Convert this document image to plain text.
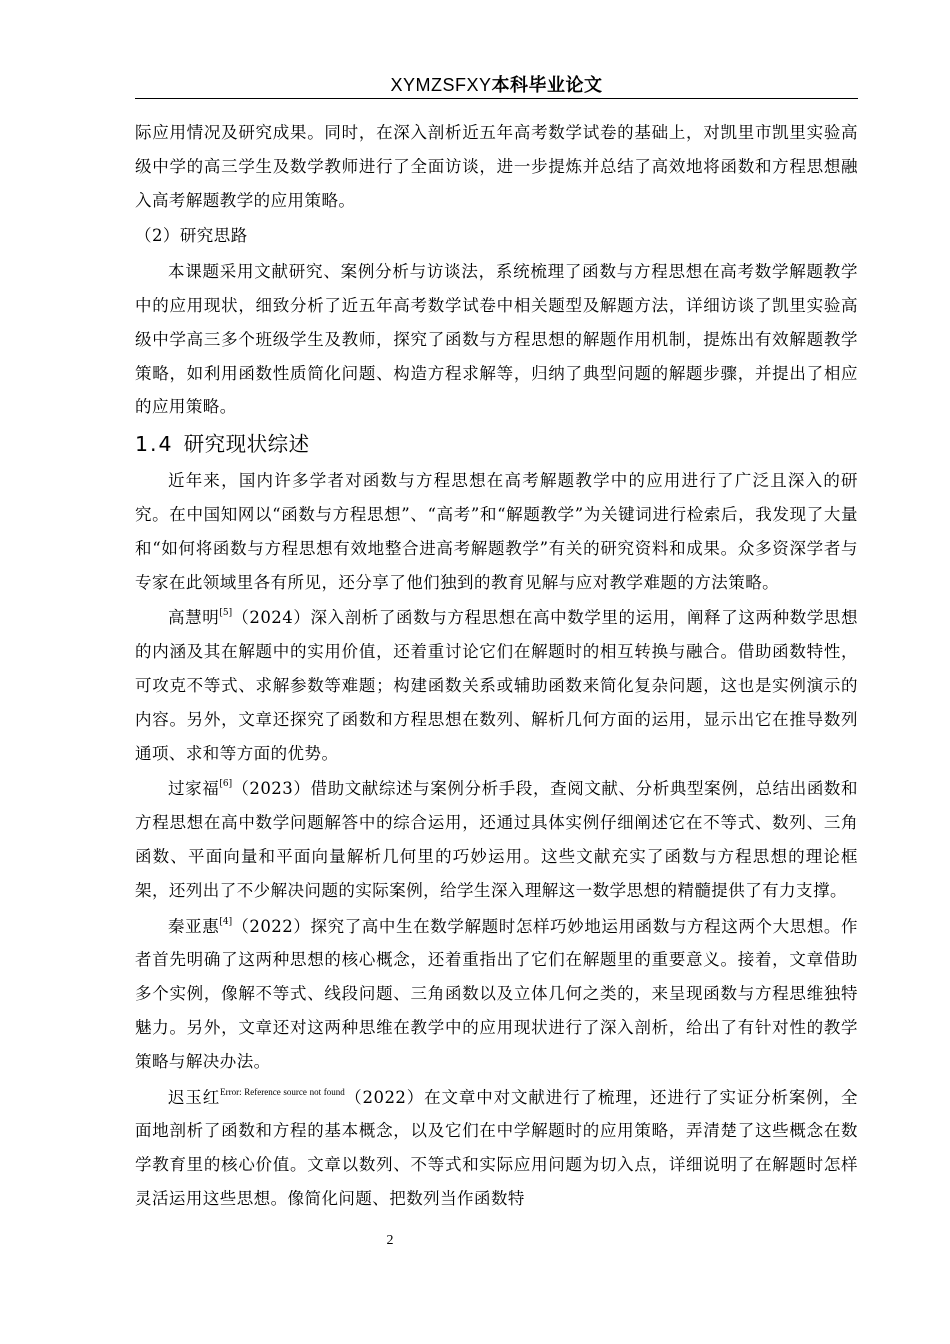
XYMZSFXY本科毕业论文

际应用情况及研究成果。同时，在深入剖析近五年高考数学试卷的基础上，对凯里市凯里实验高级中学的高三学生及数学教师进行了全面访谈，进一步提炼并总结了高效地将函数和方程思想融入高考解题教学的应用策略。

（2）研究思路

本课题采用文献研究、案例分析与访谈法，系统梳理了函数与方程思想在高考数学解题教学中的应用现状，细致分析了近五年高考数学试卷中相关题型及解题方法，详细访谈了凯里实验高级中学高三多个班级学生及教师，探究了函数与方程思想的解题作用机制，提炼出有效解题教学策略，如利用函数性质简化问题、构造方程求解等，归纳了典型问题的解题步骤，并提出了相应的应用策略。

1.4 研究现状综述

近年来，国内许多学者对函数与方程思想在高考解题教学中的应用进行了广泛且深入的研究。在中国知网以“函数与方程思想”、“高考”和“解题教学”为关键词进行检索后，我发现了大量和“如何将函数与方程思想有效地整合进高考解题教学”有关的研究资料和成果。众多资深学者与专家在此领域里各有所见，还分享了他们独到的教育见解与应对教学难题的方法策略。

高慧明[5]（2024）深入剖析了函数与方程思想在高中数学里的运用，阐释了这两种数学思想的内涵及其在解题中的实用价值，还着重讨论它们在解题时的相互转换与融合。借助函数特性，可攻克不等式、求解参数等难题；构建函数关系或辅助函数来简化复杂问题，这也是实例演示的内容。另外，文章还探究了函数和方程思想在数列、解析几何方面的运用，显示出它在推导数列通项、求和等方面的优势。

过家福[6]（2023）借助文献综述与案例分析手段，查阅文献、分析典型案例，总结出函数和方程思想在高中数学问题解答中的综合运用，还通过具体实例仔细阐述它在不等式、数列、三角函数、平面向量和平面向量解析几何里的巧妙运用。这些文献充实了函数与方程思想的理论框架，还列出了不少解决问题的实际案例，给学生深入理解这一数学思想的精髓提供了有力支撑。

秦亚惠[4]（2022）探究了高中生在数学解题时怎样巧妙地运用函数与方程这两个大思想。作者首先明确了这两种思想的核心概念，还着重指出了它们在解题里的重要意义。接着，文章借助多个实例，像解不等式、线段问题、三角函数以及立体几何之类的，来呈现函数与方程思维独特魅力。另外，文章还对这两种思维在教学中的应用现状进行了深入剖析，给出了有针对性的教学策略与解决办法。

迟玉红$^{Error: Reference source not found}$（2022）在文章中对文献进行了梳理，还进行了实证分析案例，全面地剖析了函数和方程的基本概念，以及它们在中学解题时的应用策略，弄清楚了这些概念在数学教育里的核心价值。文章以数列、不等式和实际应用问题为切入点，详细说明了在解题时怎样灵活运用这些思想。像简化问题、把数列当作函数特

2
